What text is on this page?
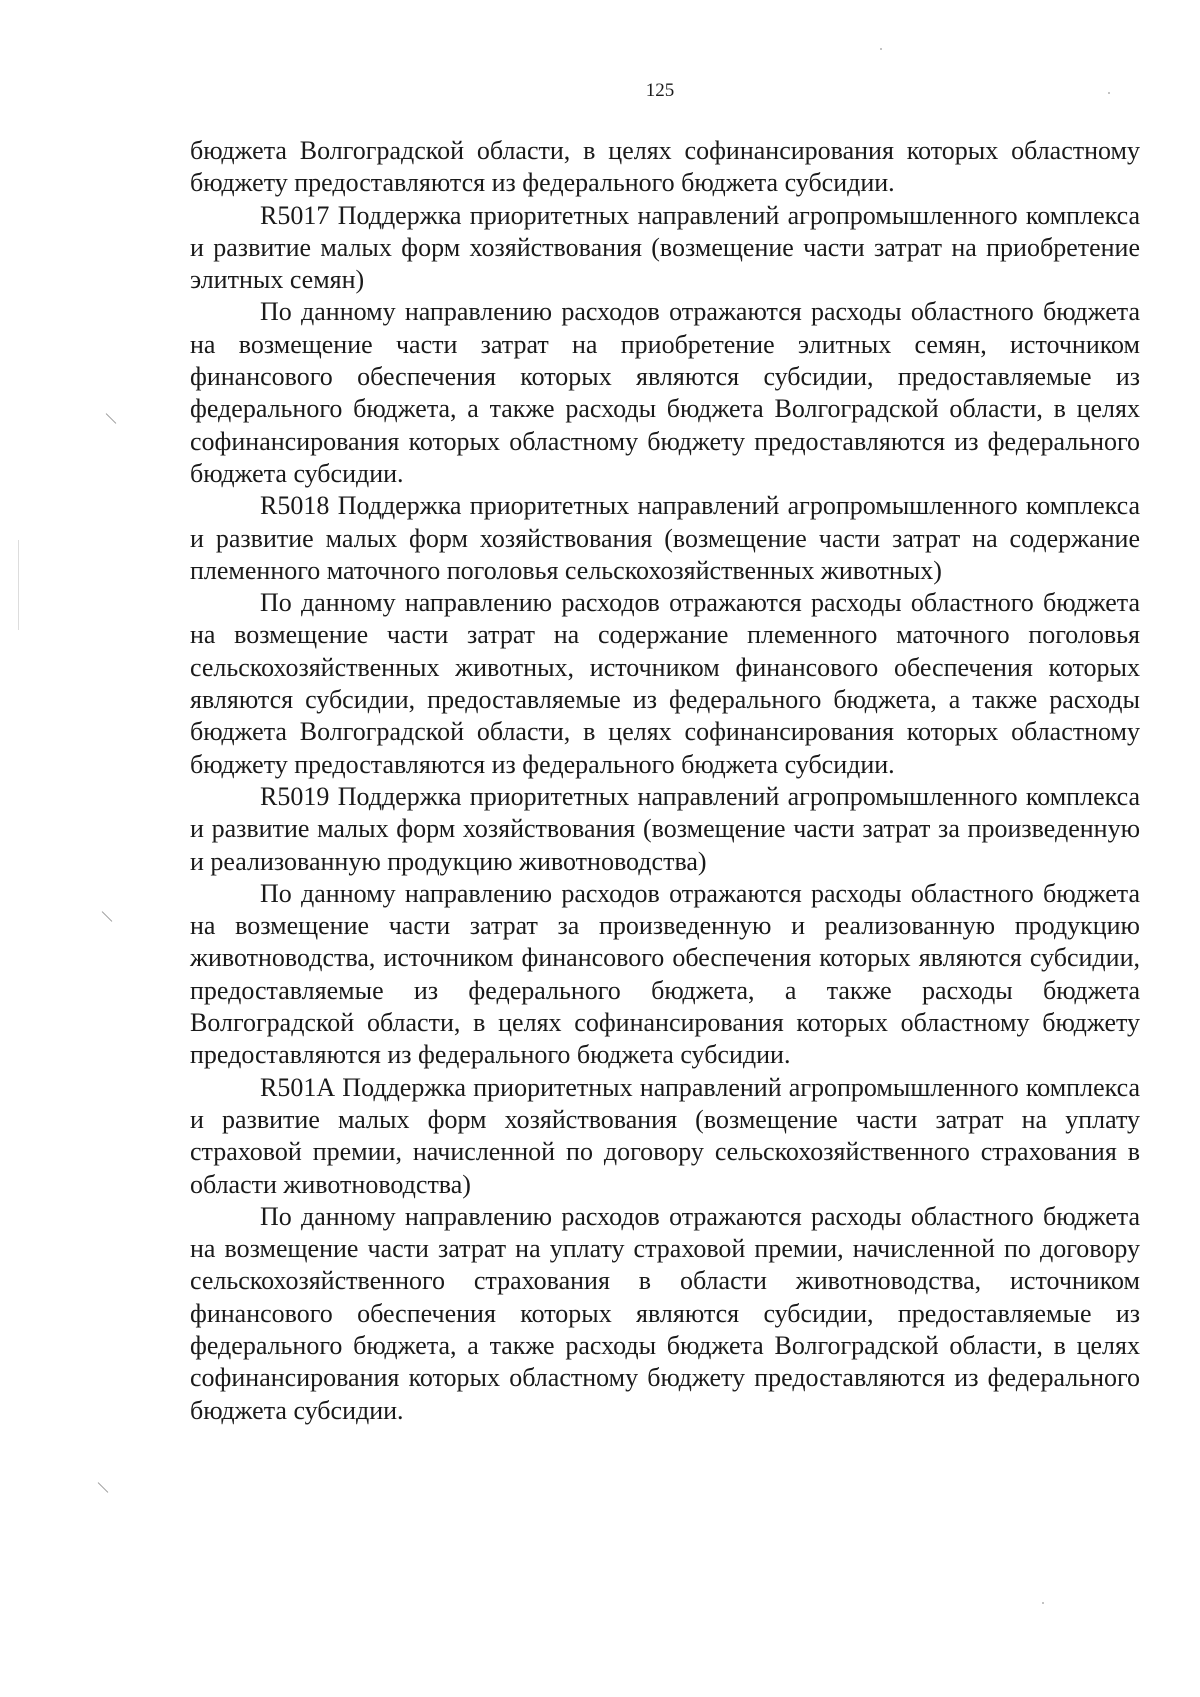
125

бюджета Волгоградской области, в целях софинансирования которых областному бюджету предоставляются из федерального бюджета субсидии.

R5017 Поддержка приоритетных направлений агропромышленного комплекса и развитие малых форм хозяйствования (возмещение части затрат на приобретение элитных семян)

По данному направлению расходов отражаются расходы областного бюджета на возмещение части затрат на приобретение элитных семян, источником финансового обеспечения которых являются субсидии, предоставляемые из федерального бюджета, а также расходы бюджета Волгоградской области, в целях софинансирования которых областному бюджету предоставляются из федерального бюджета субсидии.

R5018 Поддержка приоритетных направлений агропромышленного комплекса и развитие малых форм хозяйствования (возмещение части затрат на содержание племенного маточного поголовья сельскохозяйственных животных)

По данному направлению расходов отражаются расходы областного бюджета на возмещение части затрат на содержание племенного маточного поголовья сельскохозяйственных животных, источником финансового обеспечения которых являются субсидии, предоставляемые из федерального бюджета, а также расходы бюджета Волгоградской области, в целях софинансирования которых областному бюджету предоставляются из федерального бюджета субсидии.

R5019 Поддержка приоритетных направлений агропромышленного комплекса и развитие малых форм хозяйствования (возмещение части затрат за произведенную и реализованную продукцию животноводства)

По данному направлению расходов отражаются расходы областного бюджета на возмещение части затрат за произведенную и реализованную продукцию животноводства, источником финансового обеспечения которых являются субсидии, предоставляемые из федерального бюджета, а также расходы бюджета Волгоградской области, в целях софинансирования которых областному бюджету предоставляются из федерального бюджета субсидии.

R501А Поддержка приоритетных направлений агропромышленного комплекса и развитие малых форм хозяйствования (возмещение части затрат на уплату страховой премии, начисленной по договору сельскохозяйственного страхования в области животноводства)

По данному направлению расходов отражаются расходы областного бюджета на возмещение части затрат на уплату страховой премии, начисленной по договору сельскохозяйственного страхования в области животноводства, источником финансового обеспечения которых являются субсидии, предоставляемые из федерального бюджета, а также расходы бюджета Волгоградской области, в целях софинансирования которых областному бюджету предоставляются из федерального бюджета субсидии.
